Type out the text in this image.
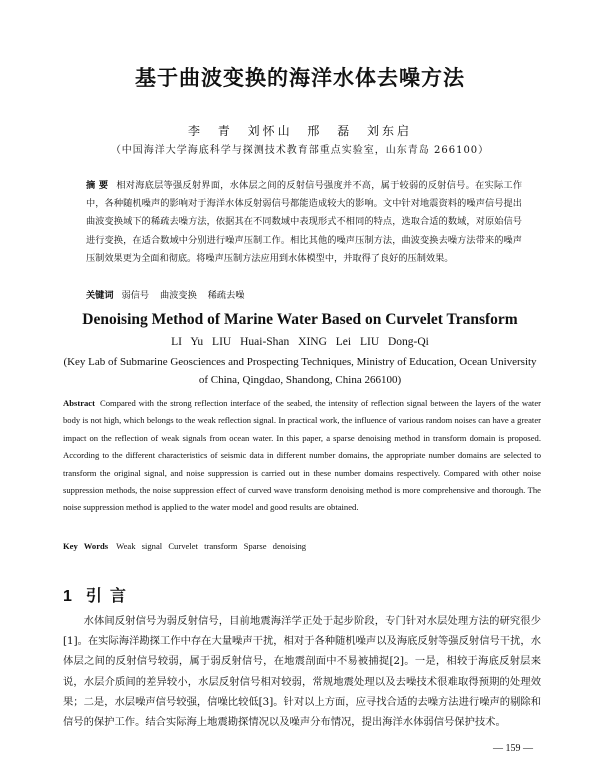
基于曲波变换的海洋水体去噪方法
李 青 刘怀山 邢 磊 刘东启
（中国海洋大学海底科学与探测技术教育部重点实验室，山东青岛 266100）
摘 要 相对海底层等强反射界面，水体层之间的反射信号强度并不高，属于较弱的反射信号。在实际工作中，各种随机噪声的影响对于海洋水体反射弱信号都能造成较大的影响。文中针对地震资料的噪声信号提出曲波变换域下的稀疏去噪方法，依据其在不同数域中表现形式不相同的特点，选取合适的数域，对原始信号进行变换，在适合数域中分别进行噪声压制工作。相比其他的噪声压制方法，曲波变换去噪方法带来的噪声压制效果更为全面和彻底。将噪声压制方法应用到水体模型中，并取得了良好的压制效果。
关键词 弱信号 曲波变换 稀疏去噪
Denoising Method of Marine Water Based on Curvelet Transform
LI Yu LIU Huai-Shan XING Lei LIU Dong-Qi
(Key Lab of Submarine Geosciences and Prospecting Techniques, Ministry of Education, Ocean University of China, Qingdao, Shandong, China 266100)
Abstract Compared with the strong reflection interface of the seabed, the intensity of reflection signal between the layers of the water body is not high, which belongs to the weak reflection signal. In practical work, the influence of various random noises can have a greater impact on the reflection of weak signals from ocean water. In this paper, a sparse denoising method in transform domain is proposed. According to the different characteristics of seismic data in different number domains, the appropriate number domains are selected to transform the original signal, and noise suppression is carried out in these number domains respectively. Compared with other noise suppression methods, the noise suppression effect of curved wave transform denoising method is more comprehensive and thorough. The noise suppression method is applied to the water model and good results are obtained.
Key Words Weak signal Curvelet transform Sparse denoising
1 引言
水体间反射信号为弱反射信号，目前地震海洋学正处于起步阶段，专门针对水层处理方法的研究很少[1]。在实际海洋勘探工作中存在大量噪声干扰，相对于各种随机噪声以及海底反射等强反射信号干扰，水体层之间的反射信号较弱，属于弱反射信号，在地震剖面中不易被捕捉[2]。一是，相较于海底反射层来说，水层介质间的差异较小，水层反射信号相对较弱，常规地震处理以及去噪技术很难取得预期的处理效果；二是，水层噪声信号较强，信噪比较低[3]。针对以上方面，应寻找合适的去噪方法进行噪声的剔除和信号的保护工作。结合实际海上地震勘探情况以及噪声分布情况，提出海洋水体弱信号保护技术。
— 159 —
